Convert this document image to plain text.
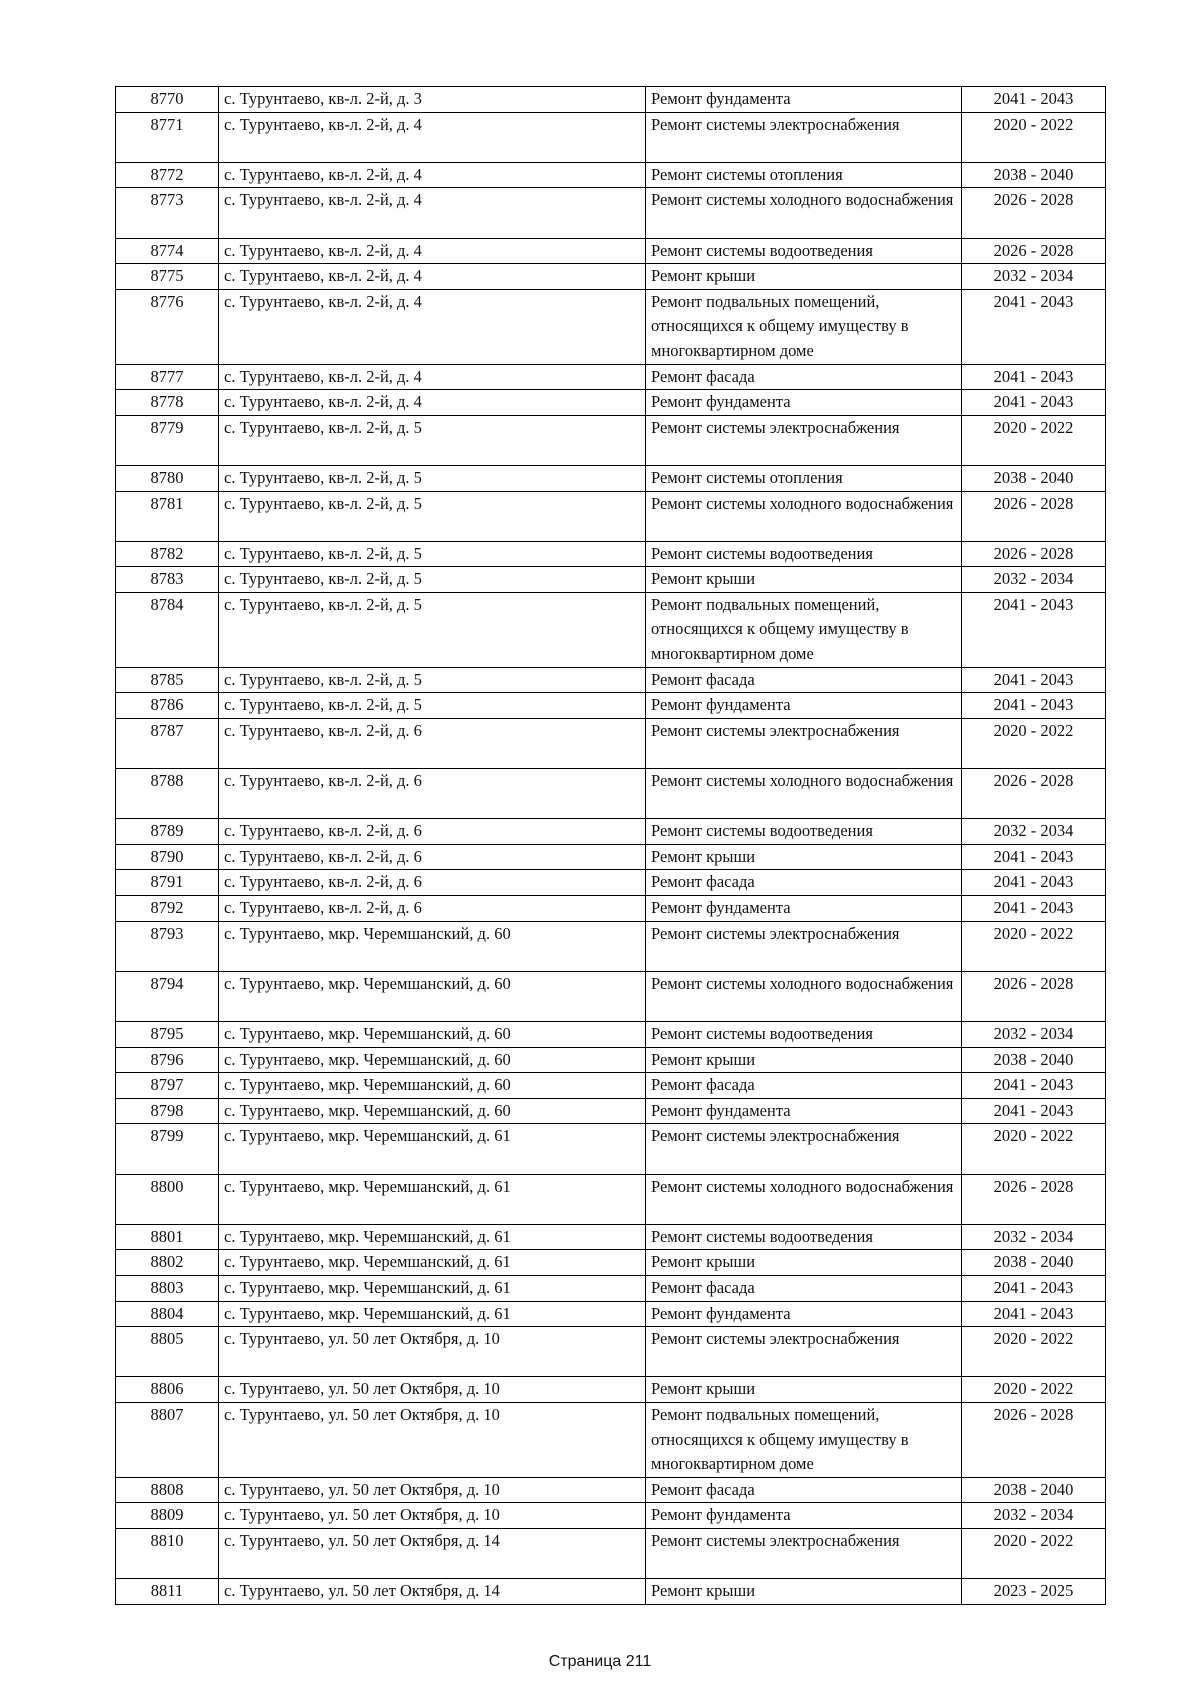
8770	с. Турунтаево, кв-л. 2-й, д. 3	Ремонт фундамента	2041 - 2043
8771	с. Турунтаево, кв-л. 2-й, д. 4	Ремонт системы электроснабжения	2020 - 2022
8772	с. Турунтаево, кв-л. 2-й, д. 4	Ремонт системы отопления	2038 - 2040
8773	с. Турунтаево, кв-л. 2-й, д. 4	Ремонт системы холодного водоснабжения	2026 - 2028
8774	с. Турунтаево, кв-л. 2-й, д. 4	Ремонт системы водоотведения	2026 - 2028
8775	с. Турунтаево, кв-л. 2-й, д. 4	Ремонт крыши	2032 - 2034
8776	с. Турунтаево, кв-л. 2-й, д. 4	Ремонт подвальных помещений, относящихся к общему имуществу в многоквартирном доме	2041 - 2043
8777	с. Турунтаево, кв-л. 2-й, д. 4	Ремонт фасада	2041 - 2043
8778	с. Турунтаево, кв-л. 2-й, д. 4	Ремонт фундамента	2041 - 2043
8779	с. Турунтаево, кв-л. 2-й, д. 5	Ремонт системы электроснабжения	2020 - 2022
8780	с. Турунтаево, кв-л. 2-й, д. 5	Ремонт системы отопления	2038 - 2040
8781	с. Турунтаево, кв-л. 2-й, д. 5	Ремонт системы холодного водоснабжения	2026 - 2028
8782	с. Турунтаево, кв-л. 2-й, д. 5	Ремонт системы водоотведения	2026 - 2028
8783	с. Турунтаево, кв-л. 2-й, д. 5	Ремонт крыши	2032 - 2034
8784	с. Турунтаево, кв-л. 2-й, д. 5	Ремонт подвальных помещений, относящихся к общему имуществу в многоквартирном доме	2041 - 2043
8785	с. Турунтаево, кв-л. 2-й, д. 5	Ремонт фасада	2041 - 2043
8786	с. Турунтаево, кв-л. 2-й, д. 5	Ремонт фундамента	2041 - 2043
8787	с. Турунтаево, кв-л. 2-й, д. 6	Ремонт системы электроснабжения	2020 - 2022
8788	с. Турунтаево, кв-л. 2-й, д. 6	Ремонт системы холодного водоснабжения	2026 - 2028
8789	с. Турунтаево, кв-л. 2-й, д. 6	Ремонт системы водоотведения	2032 - 2034
8790	с. Турунтаево, кв-л. 2-й, д. 6	Ремонт крыши	2041 - 2043
8791	с. Турунтаево, кв-л. 2-й, д. 6	Ремонт фасада	2041 - 2043
8792	с. Турунтаево, кв-л. 2-й, д. 6	Ремонт фундамента	2041 - 2043
8793	с. Турунтаево, мкр. Черемшанский, д. 60	Ремонт системы электроснабжения	2020 - 2022
8794	с. Турунтаево, мкр. Черемшанский, д. 60	Ремонт системы холодного водоснабжения	2026 - 2028
8795	с. Турунтаево, мкр. Черемшанский, д. 60	Ремонт системы водоотведения	2032 - 2034
8796	с. Турунтаево, мкр. Черемшанский, д. 60	Ремонт крыши	2038 - 2040
8797	с. Турунтаево, мкр. Черемшанский, д. 60	Ремонт фасада	2041 - 2043
8798	с. Турунтаево, мкр. Черемшанский, д. 60	Ремонт фундамента	2041 - 2043
8799	с. Турунтаево, мкр. Черемшанский, д. 61	Ремонт системы электроснабжения	2020 - 2022
8800	с. Турунтаево, мкр. Черемшанский, д. 61	Ремонт системы холодного водоснабжения	2026 - 2028
8801	с. Турунтаево, мкр. Черемшанский, д. 61	Ремонт системы водоотведения	2032 - 2034
8802	с. Турунтаево, мкр. Черемшанский, д. 61	Ремонт крыши	2038 - 2040
8803	с. Турунтаево, мкр. Черемшанский, д. 61	Ремонт фасада	2041 - 2043
8804	с. Турунтаево, мкр. Черемшанский, д. 61	Ремонт фундамента	2041 - 2043
8805	с. Турунтаево, ул. 50 лет Октября, д. 10	Ремонт системы электроснабжения	2020 - 2022
8806	с. Турунтаево, ул. 50 лет Октября, д. 10	Ремонт крыши	2020 - 2022
8807	с. Турунтаево, ул. 50 лет Октября, д. 10	Ремонт подвальных помещений, относящихся к общему имуществу в многоквартирном доме	2026 - 2028
8808	с. Турунтаево, ул. 50 лет Октября, д. 10	Ремонт фасада	2038 - 2040
8809	с. Турунтаево, ул. 50 лет Октября, д. 10	Ремонт фундамента	2032 - 2034
8810	с. Турунтаево, ул. 50 лет Октября, д. 14	Ремонт системы электроснабжения	2020 - 2022
8811	с. Турунтаево, ул. 50 лет Октября, д. 14	Ремонт крыши	2023 - 2025
Страница 211
